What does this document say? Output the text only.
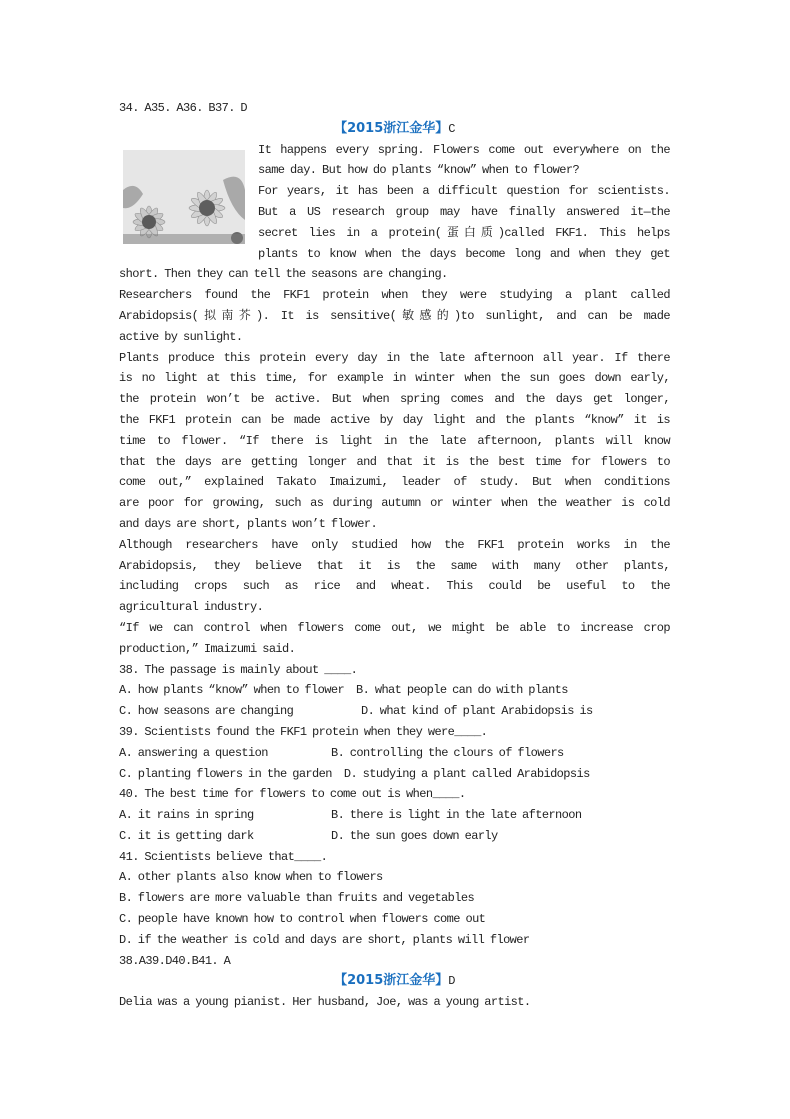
34. A35. A36. B37. D
【2015浙江金华】C
It happens every spring. Flowers come out everywhere on the
same day. But how do plants “know” when to flower?
For years, it has been a difficult question for scientists.
But a US research group may have finally answered it—the
secret lies in a protein(蛋白质)called FKF1. This helps
plants to know when the days become long and when they get
short. Then they can tell the seasons are changing.
Researchers found the FKF1 protein when they were studying a plant called
Arabidopsis(拟南芥). It is sensitive(敏感的)to sunlight, and can be made
active by sunlight.
Plants produce this protein every day in the late afternoon all year. If there
is no light at this time, for example in winter when the sun goes down early,
the protein won’t be active. But when spring comes and the days get longer,
the FKF1 protein can be made active by day light and the plants “know” it is
time to flower. “If there is light in the late afternoon, plants will know
that the days are getting longer and that it is the best time for flowers to
come out,” explained Takato Imaizumi, leader of study. But when conditions
are poor for growing, such as during autumn or winter when the weather is cold
and days are short, plants won’t flower.
Although researchers have only studied how the FKF1 protein works in the
Arabidopsis, they believe that it is the same with many other plants,
including crops such as rice and wheat. This could be useful to the
agricultural industry.
“If we can control when flowers come out, we might be able to increase crop
production,” Imaizumi said.
38. The passage is mainly about ____.
A. how plants “know” when to flower	B. what people can do with plants
C. how seasons are changing	D. what kind of plant Arabidopsis is
39. Scientists found the FKF1 protein when they were____.
A. answering a question	B. controlling the clours of flowers
C. planting flowers in the garden	D. studying a plant called Arabidopsis
40. The best time for flowers to come out is when____.
A. it rains in spring	B. there is light in the late afternoon
C. it is getting dark	D. the sun goes down early
41. Scientists believe that____.
A. other plants also know when to flowers
B. flowers are more valuable than fruits and vegetables
C. people have known how to control when flowers come out
D. if the weather is cold and days are short, plants will flower
38.A39.D40.B41. A
【2015浙江金华】D
Delia was a young pianist. Her husband, Joe, was a young artist.
